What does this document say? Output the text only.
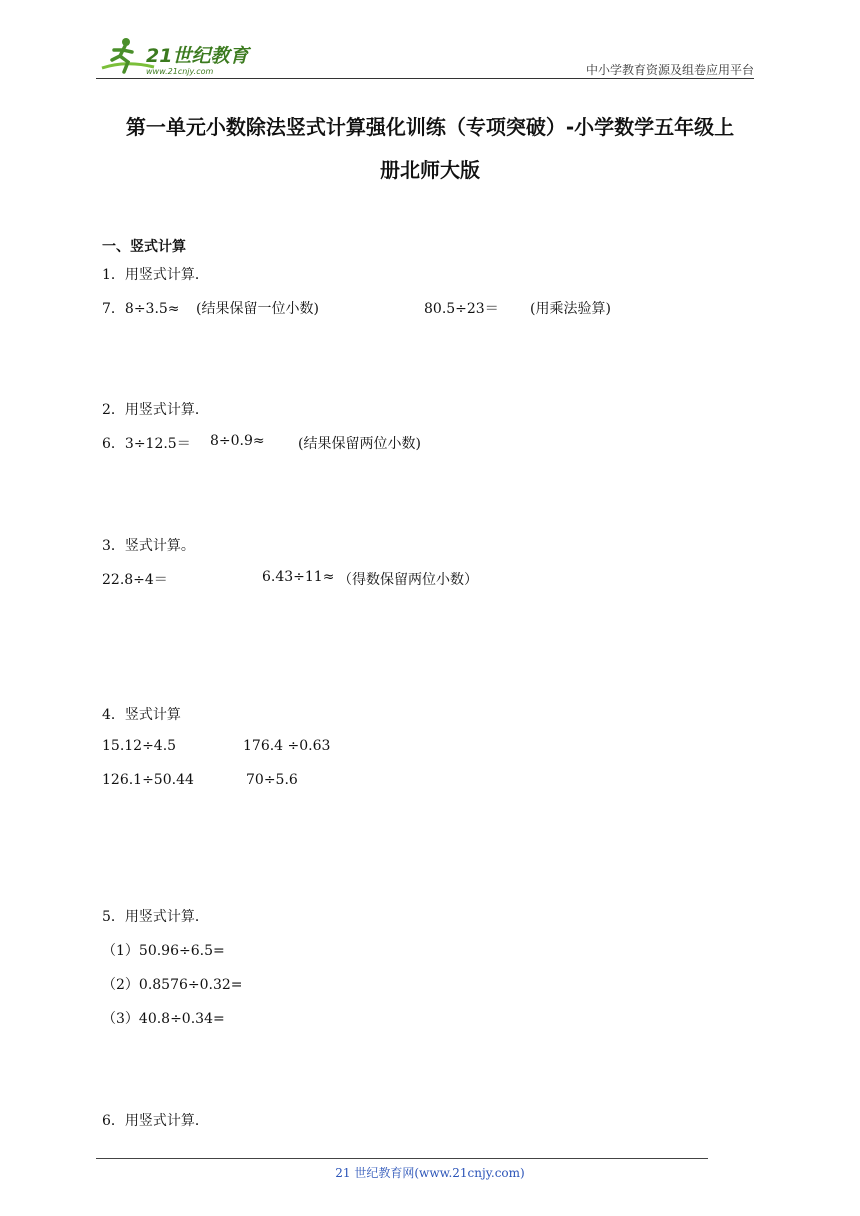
21世纪教育
www.21cnjy.com	中小学教育资源及组卷应用平台
第一单元小数除法竖式计算强化训练（专项突破）-小学数学五年级上
册北师大版
一、竖式计算
1．用竖式计算．
7．8÷3.5≈ (结果保留一位小数)	80.5÷23＝ (用乘法验算)
2．用竖式计算．
6．3÷12.5＝ 8÷0.9≈ (结果保留两位小数)
3．竖式计算。
22.8÷4＝	6.43÷11≈ （得数保留两位小数）
4．竖式计算
15.12÷4.5	176.4 ÷0.63
126.1÷50.44	70÷5.6
5．用竖式计算．
（1）50.96÷6.5=
（2）0.8576÷0.32=
（3）40.8÷0.34=
6．用竖式计算．
21 世纪教育网(www.21cnjy.com)
